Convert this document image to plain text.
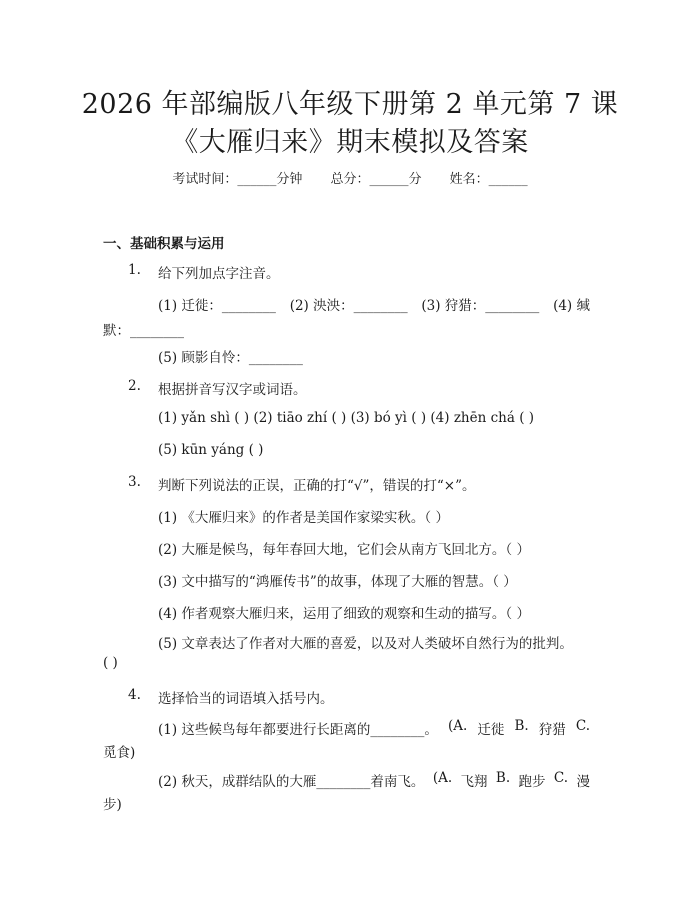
2026 年部编版八年级下册第 2 单元第 7 课
《大雁归来》期末模拟及答案
考试时间：______分钟 总分：______分 姓名：______
一、基础积累与运用
1. 给下列加点字注音。
(1) 迁徙：________ (2) 泱泱：________ (3) 狩猎：________ (4) 缄
默：________
(5) 顾影自怜：________
2. 根据拼音写汉字或词语。
(1) yǎn shì ( ) (2) tiāo zhí ( ) (3) bó yì ( ) (4) zhēn chá ( )
(5) kūn yáng ( )
3. 判断下列说法的正误，正确的打“√”，错误的打“×”。
(1) 《大雁归来》的作者是美国作家梁实秋。（ ）
(2) 大雁是候鸟，每年春回大地，它们会从南方飞回北方。（ ）
(3) 文中描写的“鸿雁传书”的故事，体现了大雁的智慧。（ ）
(4) 作者观察大雁归来，运用了细致的观察和生动的描写。（ ）
(5) 文章表达了作者对大雁的喜爱，以及对人类破坏自然行为的批判。
( )
4. 选择恰当的词语填入括号内。
(1) 这些候鸟每年都要进行长距离的________。 (A. 迁徙 B. 狩猎 C.
觅食)
(2) 秋天，成群结队的大雁________着南飞。 (A. 飞翔 B. 跑步 C. 漫
步)
